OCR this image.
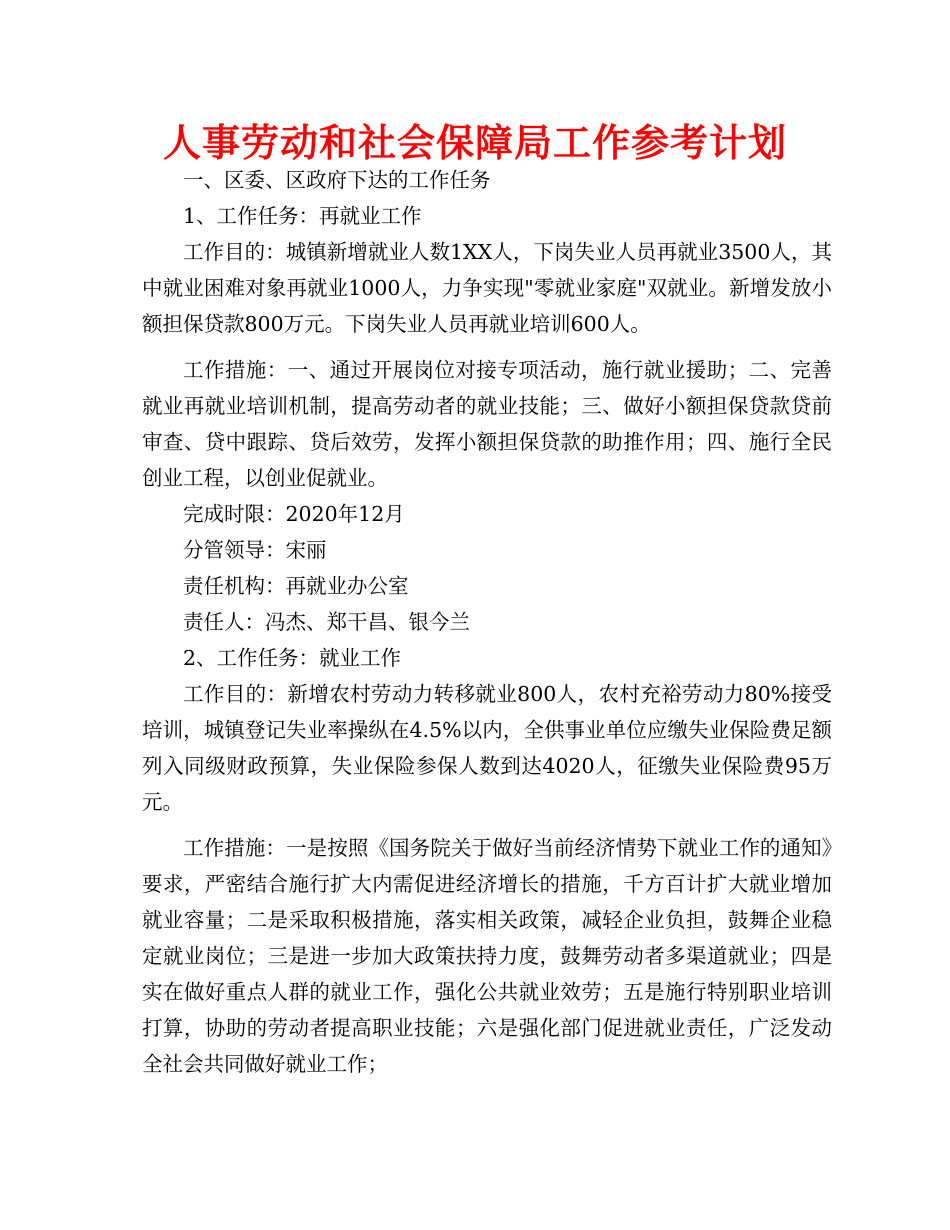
人事劳动和社会保障局工作参考计划

一、区委、区政府下达的工作任务

1、工作任务：再就业工作

工作目的：城镇新增就业人数1XX人，下岗失业人员再就业3500人，其中就业困难对象再就业1000人，力争实现"零就业家庭"双就业。新增发放小额担保贷款800万元。下岗失业人员再就业培训600人。

工作措施：一、通过开展岗位对接专项活动，施行就业援助；二、完善就业再就业培训机制，提高劳动者的就业技能；三、做好小额担保贷款贷前审查、贷中跟踪、贷后效劳，发挥小额担保贷款的助推作用；四、施行全民创业工程，以创业促就业。

完成时限：2020年12月

分管领导：宋丽

责任机构：再就业办公室

责任人：冯杰、郑干昌、银今兰

2、工作任务：就业工作

工作目的：新增农村劳动力转移就业800人，农村充裕劳动力80%接受培训，城镇登记失业率操纵在4.5%以内，全供事业单位应缴失业保险费足额列入同级财政预算，失业保险参保人数到达4020人，征缴失业保险费95万元。

工作措施：一是按照《国务院关于做好当前经济情势下就业工作的通知》要求，严密结合施行扩大内需促进经济增长的措施，千方百计扩大就业增加就业容量；二是采取积极措施，落实相关政策，减轻企业负担，鼓舞企业稳定就业岗位；三是进一步加大政策扶持力度，鼓舞劳动者多渠道就业；四是实在做好重点人群的就业工作，强化公共就业效劳；五是施行特别职业培训打算，协助的劳动者提高职业技能；六是强化部门促进就业责任，广泛发动全社会共同做好就业工作；
